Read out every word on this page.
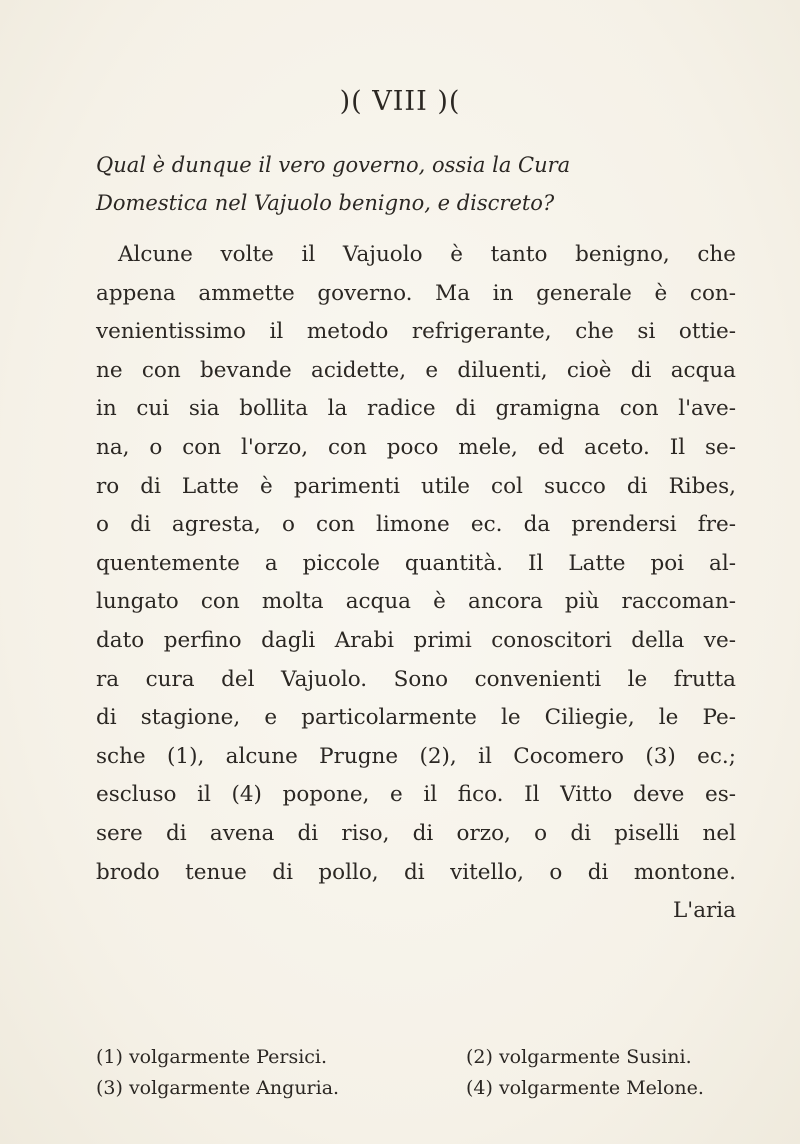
)( VIII )(
Qual è dunque il vero governo, ossia la Cura
Domestica nel Vajuolo benigno, e discreto?
Alcune volte il Vajuolo è tanto benigno, che
appena ammette governo. Ma in generale è con-
venientissimo il metodo refrigerante, che si ottie-
ne con bevande acidette, e diluenti, cioè di acqua
in cui sia bollita la radice di gramigna con l'ave-
na, o con l'orzo, con poco mele, ed aceto. Il se-
ro di Latte è parimenti utile col succo di Ribes,
o di agresta, o con limone ec. da prendersi fre-
quentemente a piccole quantità. Il Latte poi al-
lungato con molta acqua è ancora più raccoman-
dato perfino dagli Arabi primi conoscitori della ve-
ra cura del Vajuolo. Sono convenienti le frutta
di stagione, e particolarmente le Ciliegie, le Pe-
sche (1), alcune Prugne (2), il Cocomero (3) ec.;
escluso il (4) popone, e il fico. Il Vitto deve es-
sere di avena di riso, di orzo, o di piselli nel
brodo tenue di pollo, di vitello, o di montone.
L'aria
(1) volgarmente Persici.	(2) volgarmente Susini.
(3) volgarmente Anguria.	(4) volgarmente Melone.
